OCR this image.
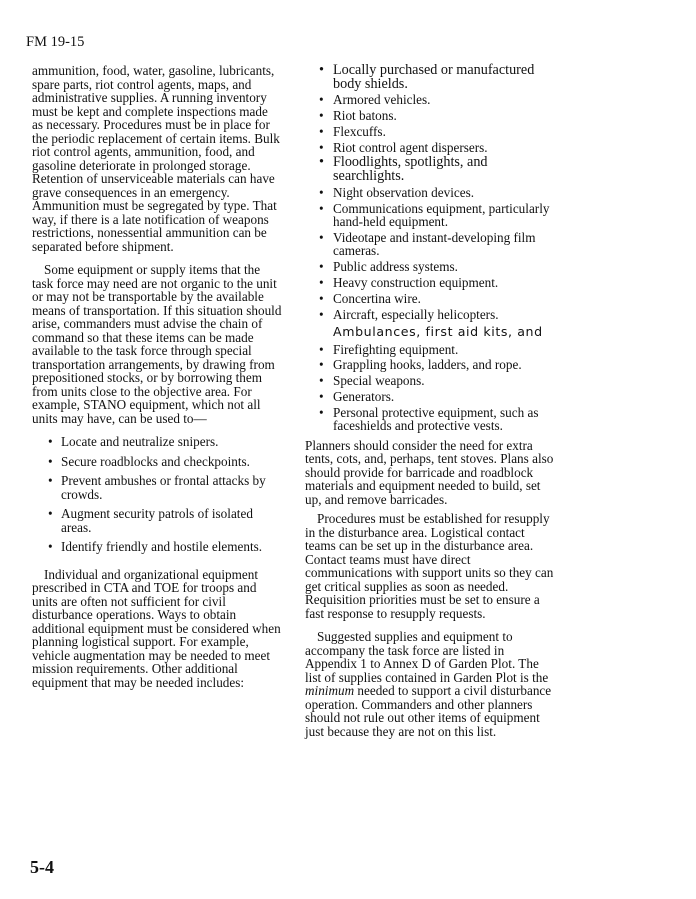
FM 19-15

ammunition, food, water, gasoline, lubricants, spare parts, riot control agents, maps, and administrative supplies. A running inventory must be kept and complete inspections made as necessary. Procedures must be in place for the periodic replacement of certain items. Bulk riot control agents, ammunition, food, and gasoline deteriorate in prolonged storage. Retention of unserviceable materials can have grave consequences in an emergency. Ammunition must be segregated by type. That way, if there is a late notification of weapons restrictions, nonessential ammunition can be separated before shipment.

Some equipment or supply items that the task force may need are not organic to the unit or may not be transportable by the available means of transportation. If this situation should arise, commanders must advise the chain of command so that these items can be made available to the task force through special transportation arrangements, by drawing from prepositioned stocks, or by borrowing them from units close to the objective area. For example, STANO equipment, which not all units may have, can be used to—

• Locate and neutralize snipers.
• Secure roadblocks and checkpoints.
• Prevent ambushes or frontal attacks by crowds.
• Augment security patrols of isolated areas.
• Identify friendly and hostile elements.

Individual and organizational equipment prescribed in CTA and TOE for troops and units are often not sufficient for civil disturbance operations. Ways to obtain additional equipment must be considered when planning logistical support. For example, vehicle augmentation may be needed to meet mission requirements. Other additional equipment that may be needed includes:

• Locally purchased or manufactured body shields.
• Armored vehicles.
• Riot batons.
• Flexcuffs.
• Riot control agent dispersers.
• Floodlights, spotlights, and searchlights.
• Night observation devices.
• Communications equipment, particularly hand-held equipment.
• Videotape and instant-developing film cameras.
• Public address systems.
• Heavy construction equipment.
• Concertina wire.
• Aircraft, especially helicopters.
Ambulances, first aid kits, and
• Firefighting equipment.
• Grappling hooks, ladders, and rope.
• Special weapons.
• Generators.
• Personal protective equipment, such as faceshields and protective vests.

Planners should consider the need for extra tents, cots, and, perhaps, tent stoves. Plans also should provide for barricade and roadblock materials and equipment needed to build, set up, and remove barricades.

Procedures must be established for resupply in the disturbance area. Logistical contact teams can be set up in the disturbance area. Contact teams must have direct communications with support units so they can get critical supplies as soon as needed. Requisition priorities must be set to ensure a fast response to resupply requests.

Suggested supplies and equipment to accompany the task force are listed in Appendix 1 to Annex D of Garden Plot. The list of supplies contained in Garden Plot is the minimum needed to support a civil disturbance operation. Commanders and other planners should not rule out other items of equipment just because they are not on this list.

5-4
